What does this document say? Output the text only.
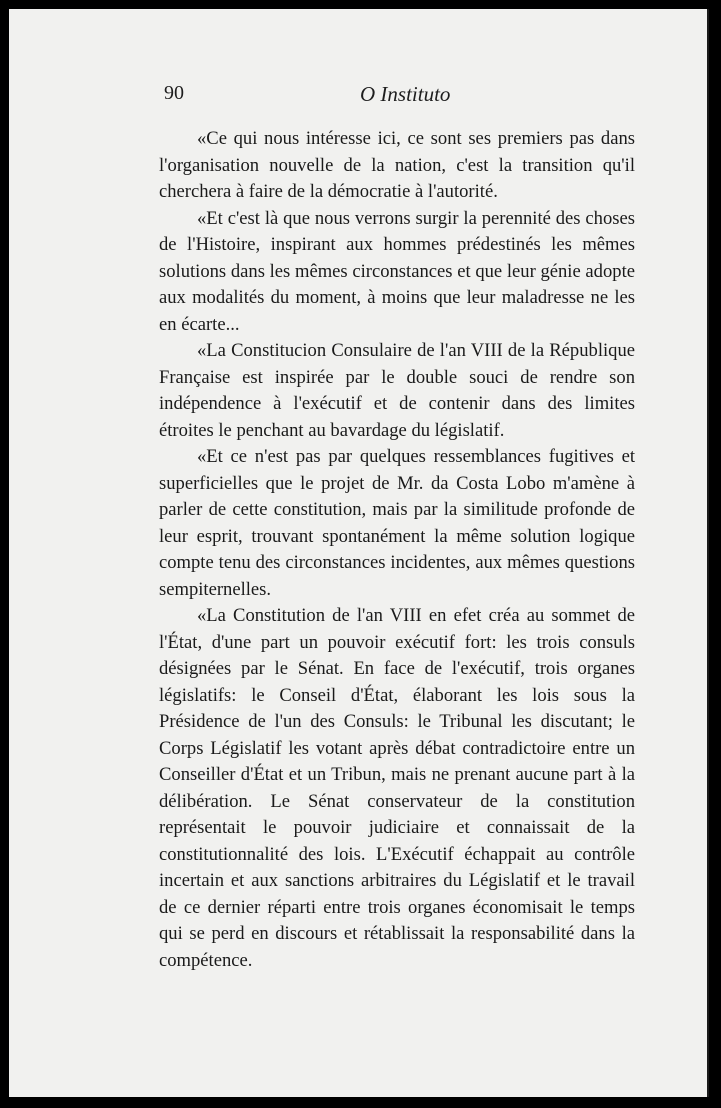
90	O Instituto

«Ce qui nous intéresse ici, ce sont ses premiers pas dans l'organisation nouvelle de la nation, c'est la transition qu'il cherchera à faire de la démocratie à l'autorité.

«Et c'est là que nous verrons surgir la perennité des choses de l'Histoire, inspirant aux hommes prédestinés les mêmes solutions dans les mêmes circonstances et que leur génie adopte aux modalités du moment, à moins que leur maladresse ne les en écarte...

«La Constitucion Consulaire de l'an VIII de la République Française est inspirée par le double souci de rendre son indépendence à l'exécutif et de contenir dans des limites étroites le penchant au bavardage du législatif.

«Et ce n'est pas par quelques ressemblances fugitives et superficielles que le projet de Mr. da Costa Lobo m'amène à parler de cette constitution, mais par la similitude profonde de leur esprit, trouvant spontanément la même solution logique compte tenu des circonstances incidentes, aux mêmes questions sempiternelles.

«La Constitution de l'an VIII en efet créa au sommet de l'État, d'une part un pouvoir exécutif fort: les trois consuls désignées par le Sénat. En face de l'exécutif, trois organes législatifs: le Conseil d'État, élaborant les lois sous la Présidence de l'un des Consuls: le Tribunal les discutant; le Corps Législatif les votant après débat contradictoire entre un Conseiller d'État et un Tribun, mais ne prenant aucune part à la délibération. Le Sénat conservateur de la constitution représentait le pouvoir judiciaire et connaissait de la constitutionnalité des lois. L'Exécutif échappait au contrôle incertain et aux sanctions arbitraires du Législatif et le travail de ce dernier réparti entre trois organes économisait le temps qui se perd en discours et rétablissait la responsabilité dans la compétence.
